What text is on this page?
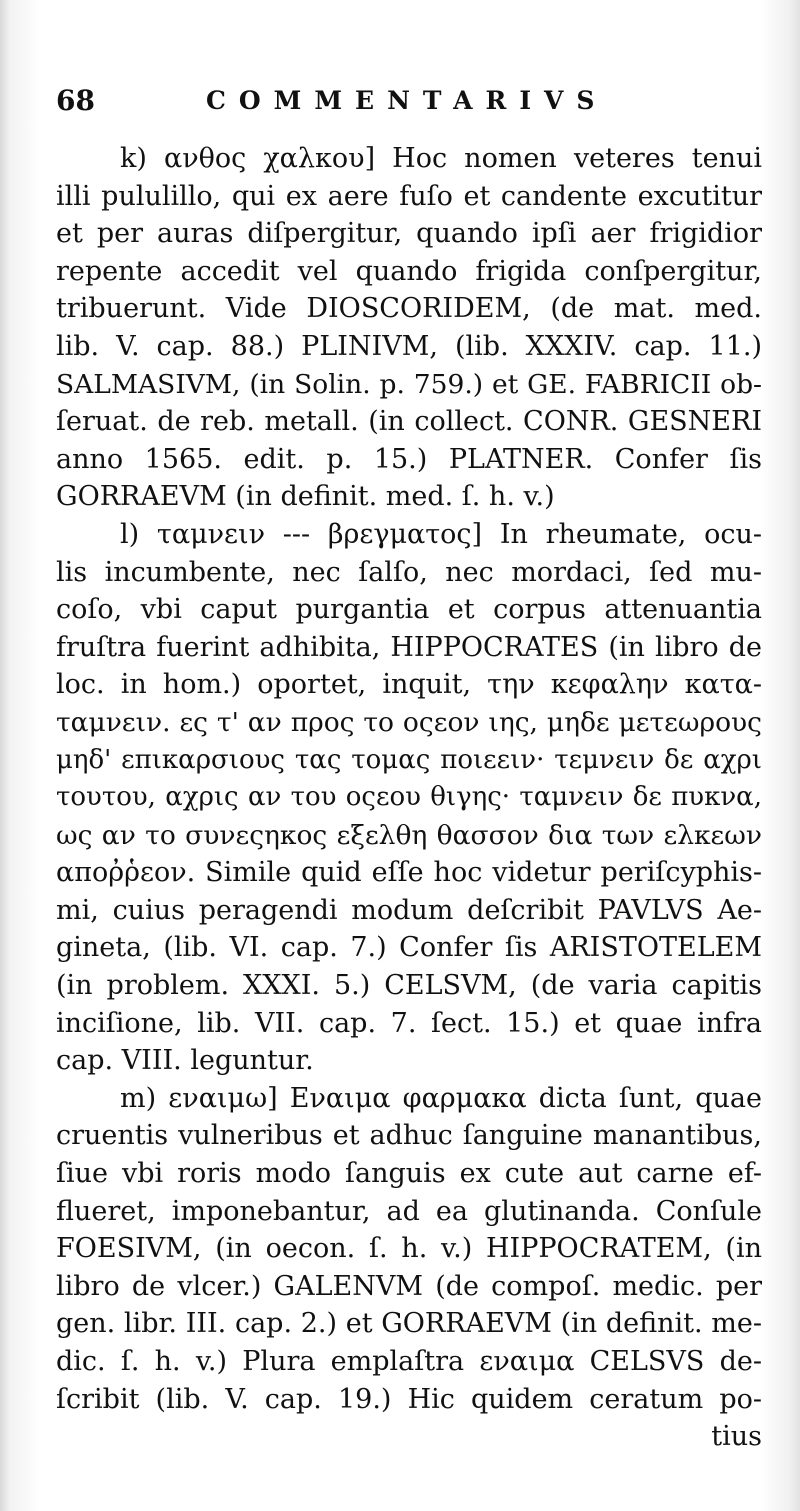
68	COMMENTARIVS
k) ανθος χαλκου] Hoc nomen veteres tenui
illi pululillo, qui ex aere fuſo et candente excutitur
et per auras diſpergitur, quando ipſi aer frigidior
repente accedit vel quando frigida conſpergitur,
tribuerunt. Vide DIOSCORIDEM, (de mat. med.
lib. V. cap. 88.) PLINIVM, (lib. XXXIV. cap. 11.)
SALMASIVM, (in Solin. p. 759.) et GE. FABRICII ob-
ſeruat. de reb. metall. (in collect. CONR. GESNERI
anno 1565. edit. p. 15.) PLATNER. Confer ſis
GORRAEVM (in definit. med. ſ. h. v.)
l) ταμνειν --- βρεγματος] In rheumate, ocu-
lis incumbente, nec ſalſo, nec mordaci, ſed mu-
coſo, vbi caput purgantia et corpus attenuantia
fruſtra fuerint adhibita, HIPPOCRATES (in libro de
loc. in hom.) oportet, inquit, την κεφαλην κατα-
ταμνειν. ες τ' αν προς το οςεον ιης, μηδε μετεωρους
μηδ' επικαρσιους τας τομας ποιεειν· τεμνειν δε αχρι
τουτου, αχρις αν του οςεου θιγης· ταμνειν δε πυκνα,
ως αν το συνεςηκος εξελθη θασσον δια των ελκεων
αποῤῥεον. Simile quid eſſe hoc videtur periſcyphis-
mi, cuius peragendi modum deſcribit PAVLVS Ae-
gineta, (lib. VI. cap. 7.) Confer ſis ARISTOTELEM
(in problem. XXXI. 5.) CELSVM, (de varia capitis
inciſione, lib. VII. cap. 7. ſect. 15.) et quae infra
cap. VIII. leguntur.
m) εναιμω] Εναιμα φαρμακα dicta ſunt, quae
cruentis vulneribus et adhuc ſanguine manantibus,
ſiue vbi roris modo ſanguis ex cute aut carne ef-
flueret, imponebantur, ad ea glutinanda. Conſule
FOESIVM, (in oecon. ſ. h. v.) HIPPOCRATEM, (in
libro de vlcer.) GALENVM (de compoſ. medic. per
gen. libr. III. cap. 2.) et GORRAEVM (in definit. me-
dic. ſ. h. v.) Plura emplaſtra εναιμα CELSVS de-
ſcribit (lib. V. cap. 19.) Hic quidem ceratum po-
tius
